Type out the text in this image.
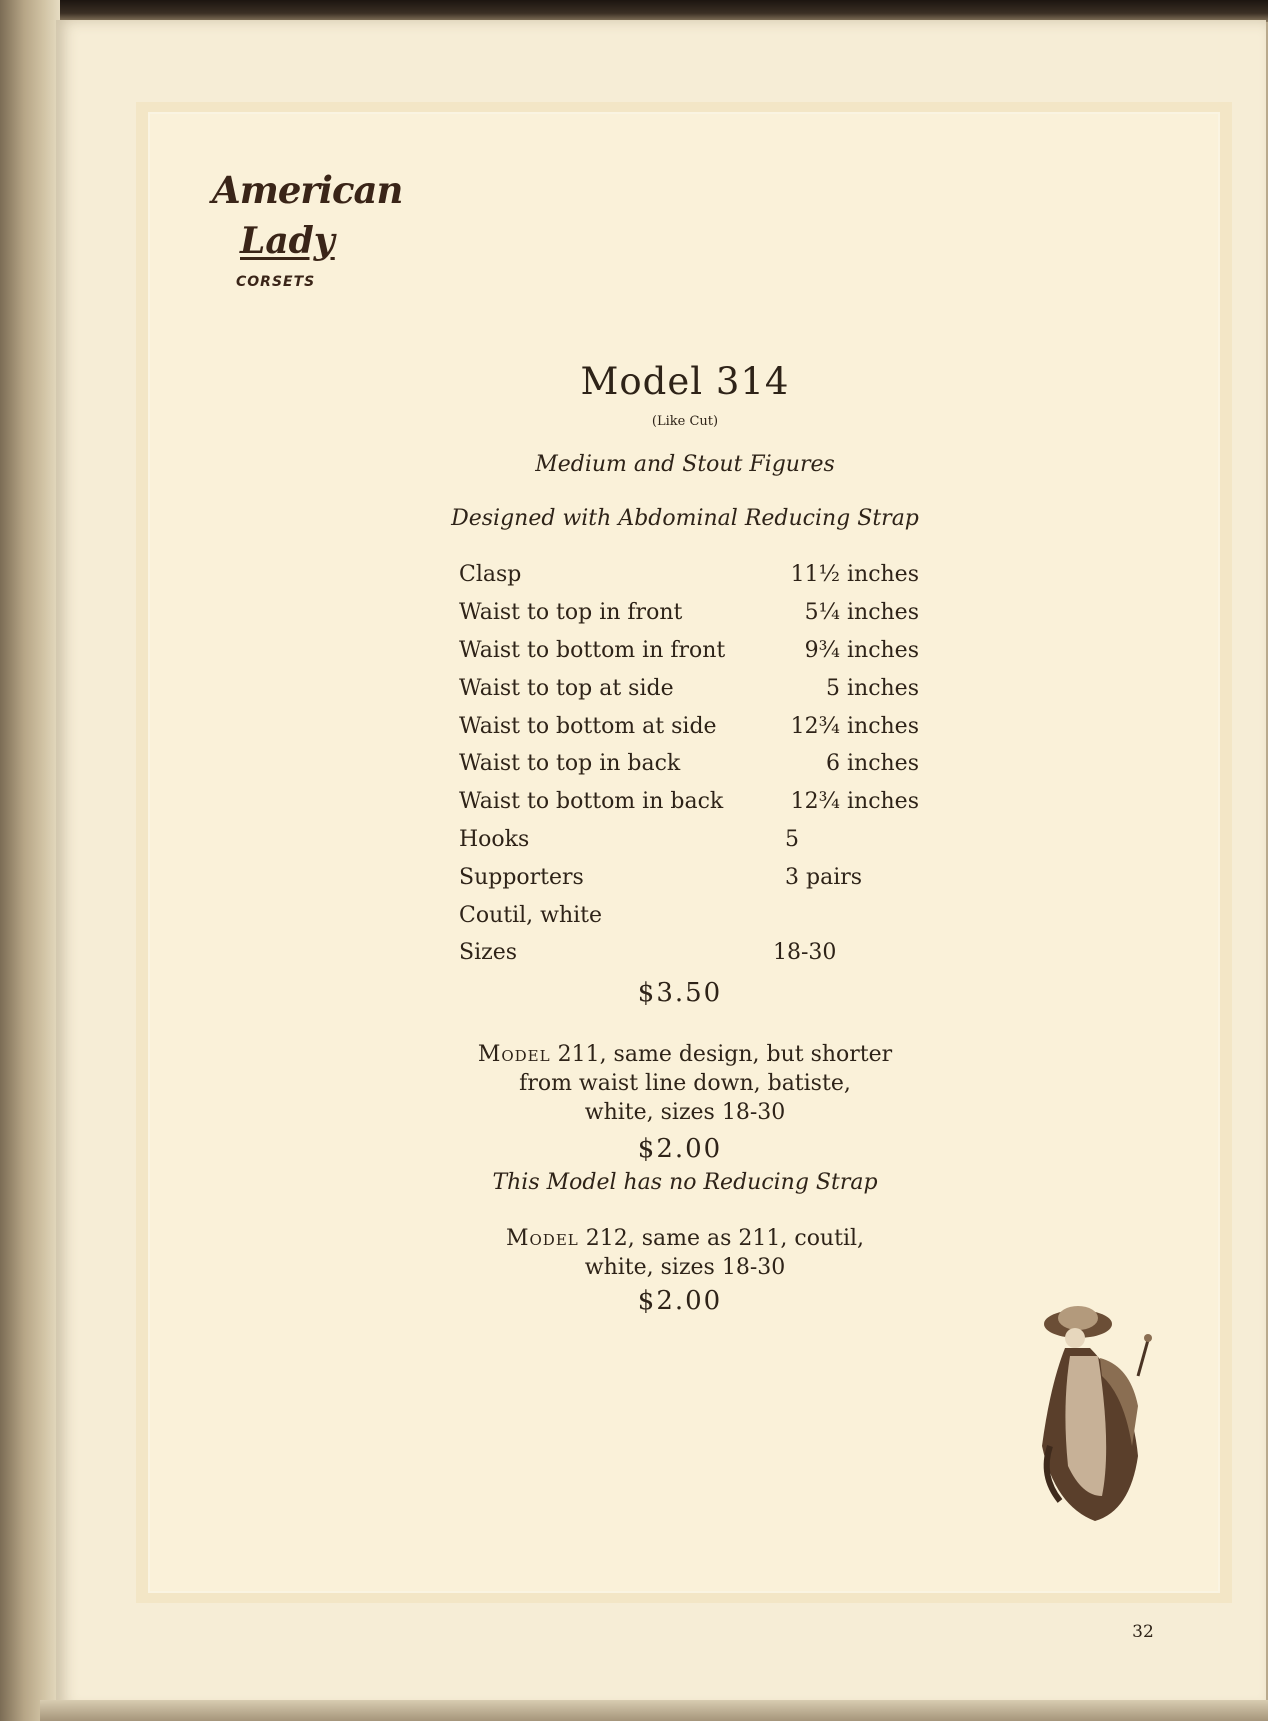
American
Lady
CORSETS
Model 314
(Like Cut)
Medium and Stout Figures
Designed with Abdominal Reducing Strap
Clasp	11½ inches
Waist to top in front	5¼ inches
Waist to bottom in front	9¾ inches
Waist to top at side	5 inches
Waist to bottom at side	12¾ inches
Waist to top in back	6 inches
Waist to bottom in back	12¾ inches
Hooks	5
Supporters	3 pairs
Coutil, white
Sizes	18-30
$3.50
Model 211, same design, but shorter
from waist line down, batiste,
white, sizes 18-30
$2.00
This Model has no Reducing Strap
Model 212, same as 211, coutil,
white, sizes 18-30
$2.00
32
